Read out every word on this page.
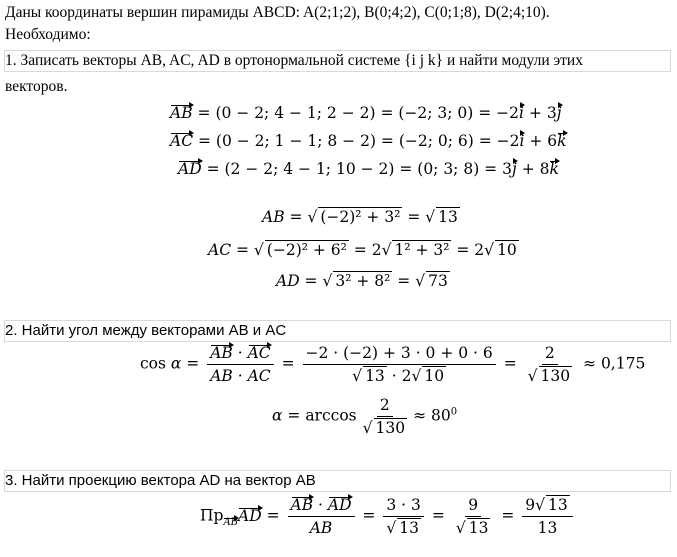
Даны координаты вершин пирамиды ABCD: A(2;1;2), B(0;4;2), C(0;1;8), D(2;4;10).
Необходимо:
1. Записать векторы AB, AC, AD в ортонормальной системе {i j k} и найти модули этих
векторов.
AB = (0 − 2; 4 − 1; 2 − 2) = (−2; 3; 0) = −2i + 3j
AC = (0 − 2; 1 − 1; 8 − 2) = (−2; 0; 6) = −2i + 6k
AD = (2 − 2; 4 − 1; 10 − 2) = (0; 3; 8) = 3j + 8k
AB = √ (−2)² + 3² = √ 13
AC = √ (−2)² + 6² = 2√ 1² + 3² = 2√ 10
AD = √ 3² + 8² = √ 73
2. Найти угол между векторами AB и AC
$\cos \alpha = \frac{AB \cdot AC}{AB \cdot AC} = \frac{-2 \cdot (-2) + 3 \cdot 0 + 0 \cdot 6}{√ 13 \cdot 2√ 10} = \frac{2}{√ 130} \approx 0,175$
$\alpha = \arccos \frac{2}{√ 130} \approx 80^0$
3. Найти проекцию вектора AD на вектор AB
$Пр_{AB}AD = \frac{AB \cdot AD}{AB} = \frac{3 \cdot 3}{√ 13} = \frac{9}{√ 13} = \frac{9√ 13}{13}$
